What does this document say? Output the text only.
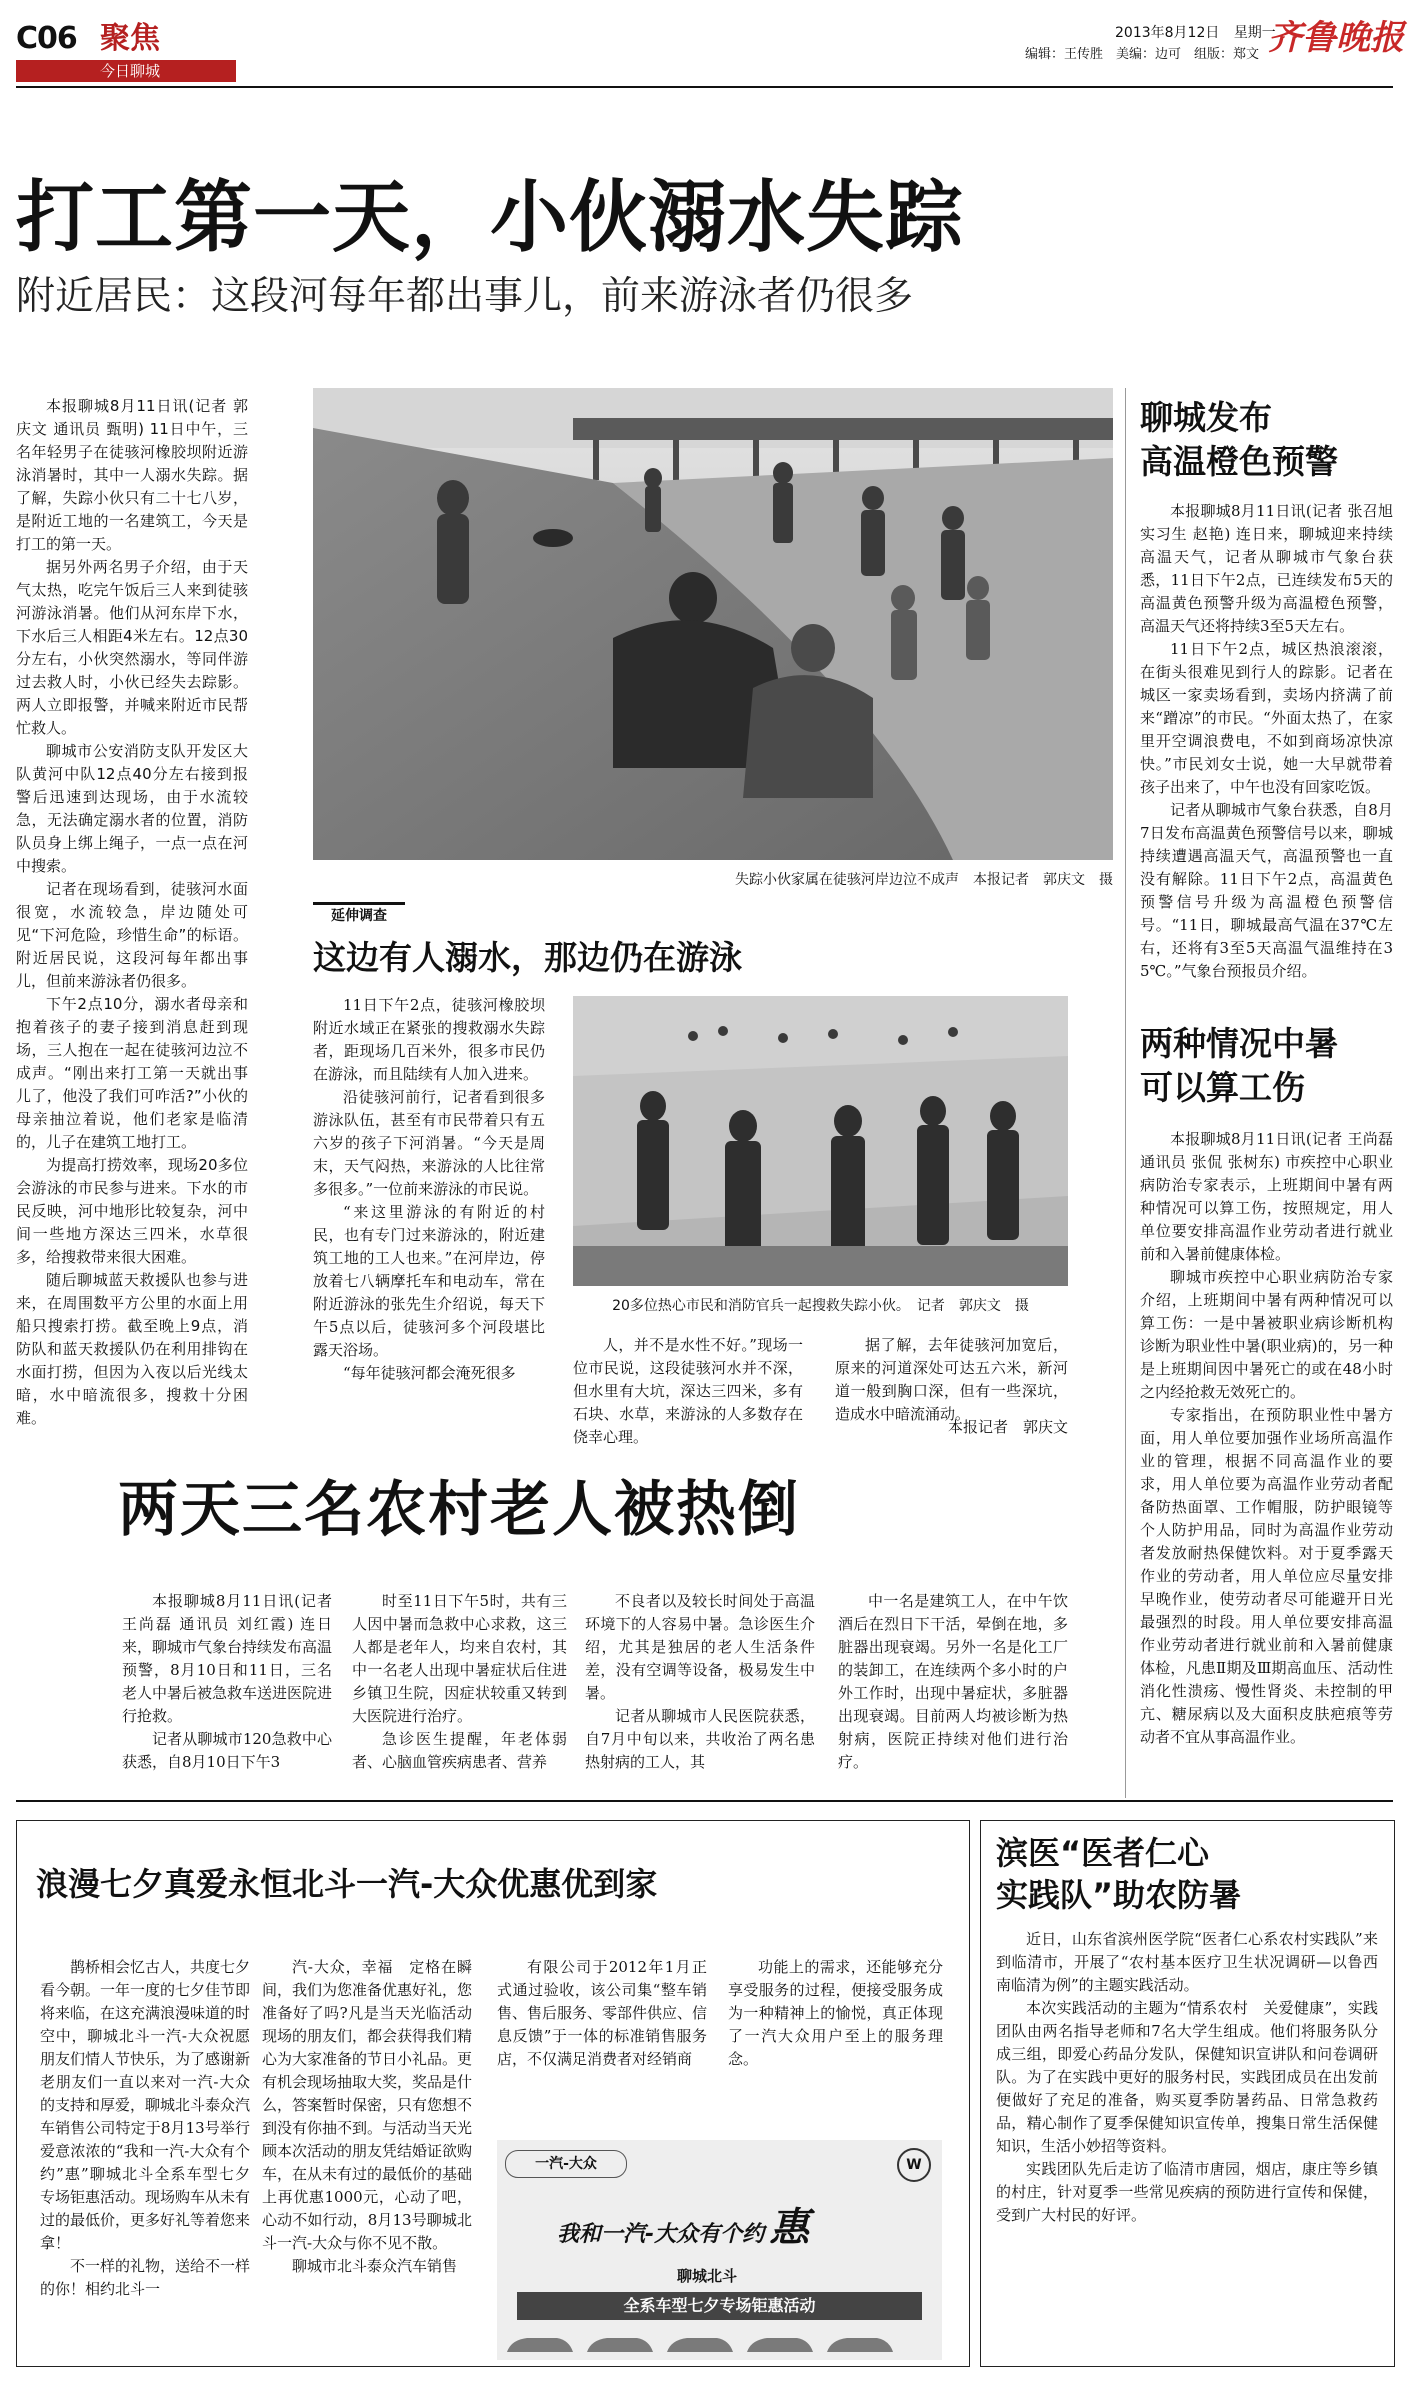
C06 聚焦
今日聊城
2013年8月12日 星期一
编辑：王传胜　美编：边可　组版：郑文 齐鲁晚报
打工第一天，小伙溺水失踪
附近居民：这段河每年都出事儿，前来游泳者仍很多

本报聊城8月11日讯(记者 郭庆文 通讯员 甄明) 11日中午，三名年轻男子在徒骇河橡胶坝附近游泳消暑时，其中一人溺水失踪。据了解，失踪小伙只有二十七八岁，是附近工地的一名建筑工，今天是打工的第一天。

据另外两名男子介绍，由于天气太热，吃完午饭后三人来到徒骇河游泳消暑。他们从河东岸下水，下水后三人相距4米左右。12点30分左右，小伙突然溺水，等同伴游过去救人时，小伙已经失去踪影。两人立即报警，并喊来附近市民帮忙救人。

聊城市公安消防支队开发区大队黄河中队12点40分左右接到报警后迅速到达现场，由于水流较急，无法确定溺水者的位置，消防队员身上绑上绳子，一点一点在河中搜索。

记者在现场看到，徒骇河水面很宽，水流较急，岸边随处可见“下河危险，珍惜生命”的标语。附近居民说，这段河每年都出事儿，但前来游泳者仍很多。

下午2点10分，溺水者母亲和抱着孩子的妻子接到消息赶到现场，三人抱在一起在徒骇河边泣不成声。“刚出来打工第一天就出事儿了，他没了我们可咋活?”小伙的母亲抽泣着说，他们老家是临清的，儿子在建筑工地打工。

为提高打捞效率，现场20多位会游泳的市民参与进来。下水的市民反映，河中地形比较复杂，河中间一些地方深达三四米，水草很多，给搜救带来很大困难。

随后聊城蓝天救援队也参与进来，在周围数平方公里的水面上用船只搜索打捞。截至晚上9点，消防队和蓝天救援队仍在利用排钩在水面打捞，但因为入夜以后光线太暗，水中暗流很多，搜救十分困难。

失踪小伙家属在徒骇河岸边泣不成声　本报记者　郭庆文　摄
延伸调查
这边有人溺水，那边仍在游泳

11日下午2点，徒骇河橡胶坝附近水域正在紧张的搜救溺水失踪者，距现场几百米外，很多市民仍在游泳，而且陆续有人加入进来。

沿徒骇河前行，记者看到很多游泳队伍，甚至有市民带着只有五六岁的孩子下河消暑。“今天是周末，天气闷热，来游泳的人比往常多很多。”一位前来游泳的市民说。

“来这里游泳的有附近的村民，也有专门过来游泳的，附近建筑工地的工人也来。”在河岸边，停放着七八辆摩托车和电动车，常在附近游泳的张先生介绍说，每天下午5点以后，徒骇河多个河段堪比露天浴场。

“每年徒骇河都会淹死很多

20多位热心市民和消防官兵一起搜救失踪小伙。　记者　郭庆文　摄

人，并不是水性不好。”现场一位市民说，这段徒骇河水并不深，但水里有大坑，深达三四米，多有石块、水草，来游泳的人多数存在侥幸心理。

据了解，去年徒骇河加宽后，原来的河道深处可达五六米，新河道一般到胸口深，但有一些深坑，造成水中暗流涌动。

本报记者　郭庆文
聊城发布
高温橙色预警

本报聊城8月11日讯(记者 张召旭 实习生 赵艳) 连日来，聊城迎来持续高温天气，记者从聊城市气象台获悉，11日下午2点，已连续发布5天的高温黄色预警升级为高温橙色预警，高温天气还将持续3至5天左右。

11日下午2点，城区热浪滚滚，在街头很难见到行人的踪影。记者在城区一家卖场看到，卖场内挤满了前来“蹭凉”的市民。“外面太热了，在家里开空调浪费电，不如到商场凉快凉快。”市民刘女士说，她一大早就带着孩子出来了，中午也没有回家吃饭。

记者从聊城市气象台获悉，自8月7日发布高温黄色预警信号以来，聊城持续遭遇高温天气，高温预警也一直没有解除。11日下午2点，高温黄色预警信号升级为高温橙色预警信号。“11日，聊城最高气温在37℃左右，还将有3至5天高温气温维持在35℃。”气象台预报员介绍。

两种情况中暑
可以算工伤

本报聊城8月11日讯(记者 王尚磊 通讯员 张侃 张树东) 市疾控中心职业病防治专家表示，上班期间中暑有两种情况可以算工伤，按照规定，用人单位要安排高温作业劳动者进行就业前和入暑前健康体检。

聊城市疾控中心职业病防治专家介绍，上班期间中暑有两种情况可以算工伤：一是中暑被职业病诊断机构诊断为职业性中暑(职业病)的，另一种是上班期间因中暑死亡的或在48小时之内经抢救无效死亡的。

专家指出，在预防职业性中暑方面，用人单位要加强作业场所高温作业的管理，根据不同高温作业的要求，用人单位要为高温作业劳动者配备防热面罩、工作帽服，防护眼镜等个人防护用品，同时为高温作业劳动者发放耐热保健饮料。对于夏季露天作业的劳动者，用人单位应尽量安排早晚作业，使劳动者尽可能避开日光最强烈的时段。用人单位要安排高温作业劳动者进行就业前和入暑前健康体检，凡患Ⅱ期及Ⅲ期高血压、活动性消化性溃疡、慢性肾炎、未控制的甲亢、糖尿病以及大面积皮肤疤痕等劳动者不宜从事高温作业。

两天三名农村老人被热倒

本报聊城8月11日讯(记者 王尚磊 通讯员 刘红霞) 连日来，聊城市气象台持续发布高温预警，8月10日和11日，三名老人中暑后被急救车送进医院进行抢救。

记者从聊城市120急救中心获悉，自8月10日下午3

时至11日下午5时，共有三人因中暑而急救中心求救，这三人都是老年人，均来自农村，其中一名老人出现中暑症状后住进乡镇卫生院，因症状较重又转到大医院进行治疗。

急诊医生提醒，年老体弱者、心脑血管疾病患者、营养

不良者以及较长时间处于高温环境下的人容易中暑。急诊医生介绍，尤其是独居的老人生活条件差，没有空调等设备，极易发生中暑。

记者从聊城市人民医院获悉，自7月中旬以来，共收治了两名患热射病的工人，其

中一名是建筑工人，在中午饮酒后在烈日下干活，晕倒在地，多脏器出现衰竭。另外一名是化工厂的装卸工，在连续两个多小时的户外工作时，出现中暑症状，多脏器出现衰竭。目前两人均被诊断为热射病，医院正持续对他们进行治疗。

浪漫七夕真爱永恒北斗一汽-大众优惠优到家

鹊桥相会忆古人，共度七夕看今朝。一年一度的七夕佳节即将来临，在这充满浪漫味道的时空中，聊城北斗一汽-大众祝愿朋友们情人节快乐，为了感谢新老朋友们一直以来对一汽-大众的支持和厚爱，聊城北斗泰众汽车销售公司特定于8月13号举行爱意浓浓的“我和一汽-大众有个约”惠”聊城北斗全系车型七夕专场钜惠活动。现场购车从未有过的最低价，更多好礼等着您来拿！

不一样的礼物，送给不一样的你！相约北斗一

汽-大众，幸福　定格在瞬间，我们为您准备优惠好礼，您准备好了吗?凡是当天光临活动现场的朋友们，都会获得我们精心为大家准备的节日小礼品。更有机会现场抽取大奖，奖品是什么，答案暂时保密，只有您想不到没有你抽不到。与活动当天光顾本次活动的朋友凭结婚证欲购车，在从未有过的最低价的基础上再优惠1000元，心动了吧，心动不如行动，8月13号聊城北斗一汽-大众与你不见不散。

聊城市北斗泰众汽车销售

有限公司于2012年1月正式通过验收，该公司集“整车销售、售后服务、零部件供应、信息反馈”于一体的标准销售服务店，不仅满足消费者对经销商

功能上的需求，还能够充分享受服务的过程，便接受服务成为一种精神上的愉悦，真正体现了一汽大众用户至上的服务理念。

一汽-大众	W
我和一汽-大众有个约 惠
聊城北斗
全系车型七夕专场钜惠活动
滨医“医者仁心
实践队”助农防暑

近日，山东省滨州医学院“医者仁心系农村实践队”来到临清市，开展了“农村基本医疗卫生状况调研—以鲁西南临清为例”的主题实践活动。

本次实践活动的主题为“情系农村　关爱健康”，实践团队由两名指导老师和7名大学生组成。他们将服务队分成三组，即爱心药品分发队，保健知识宣讲队和问卷调研队。为了在实践中更好的服务村民，实践团成员在出发前便做好了充足的准备，购买夏季防暑药品、日常急救药品，精心制作了夏季保健知识宣传单，搜集日常生活保健知识，生活小妙招等资料。

实践团队先后走访了临清市唐园，烟店，康庄等乡镇的村庄，针对夏季一些常见疾病的预防进行宣传和保健，受到广大村民的好评。
